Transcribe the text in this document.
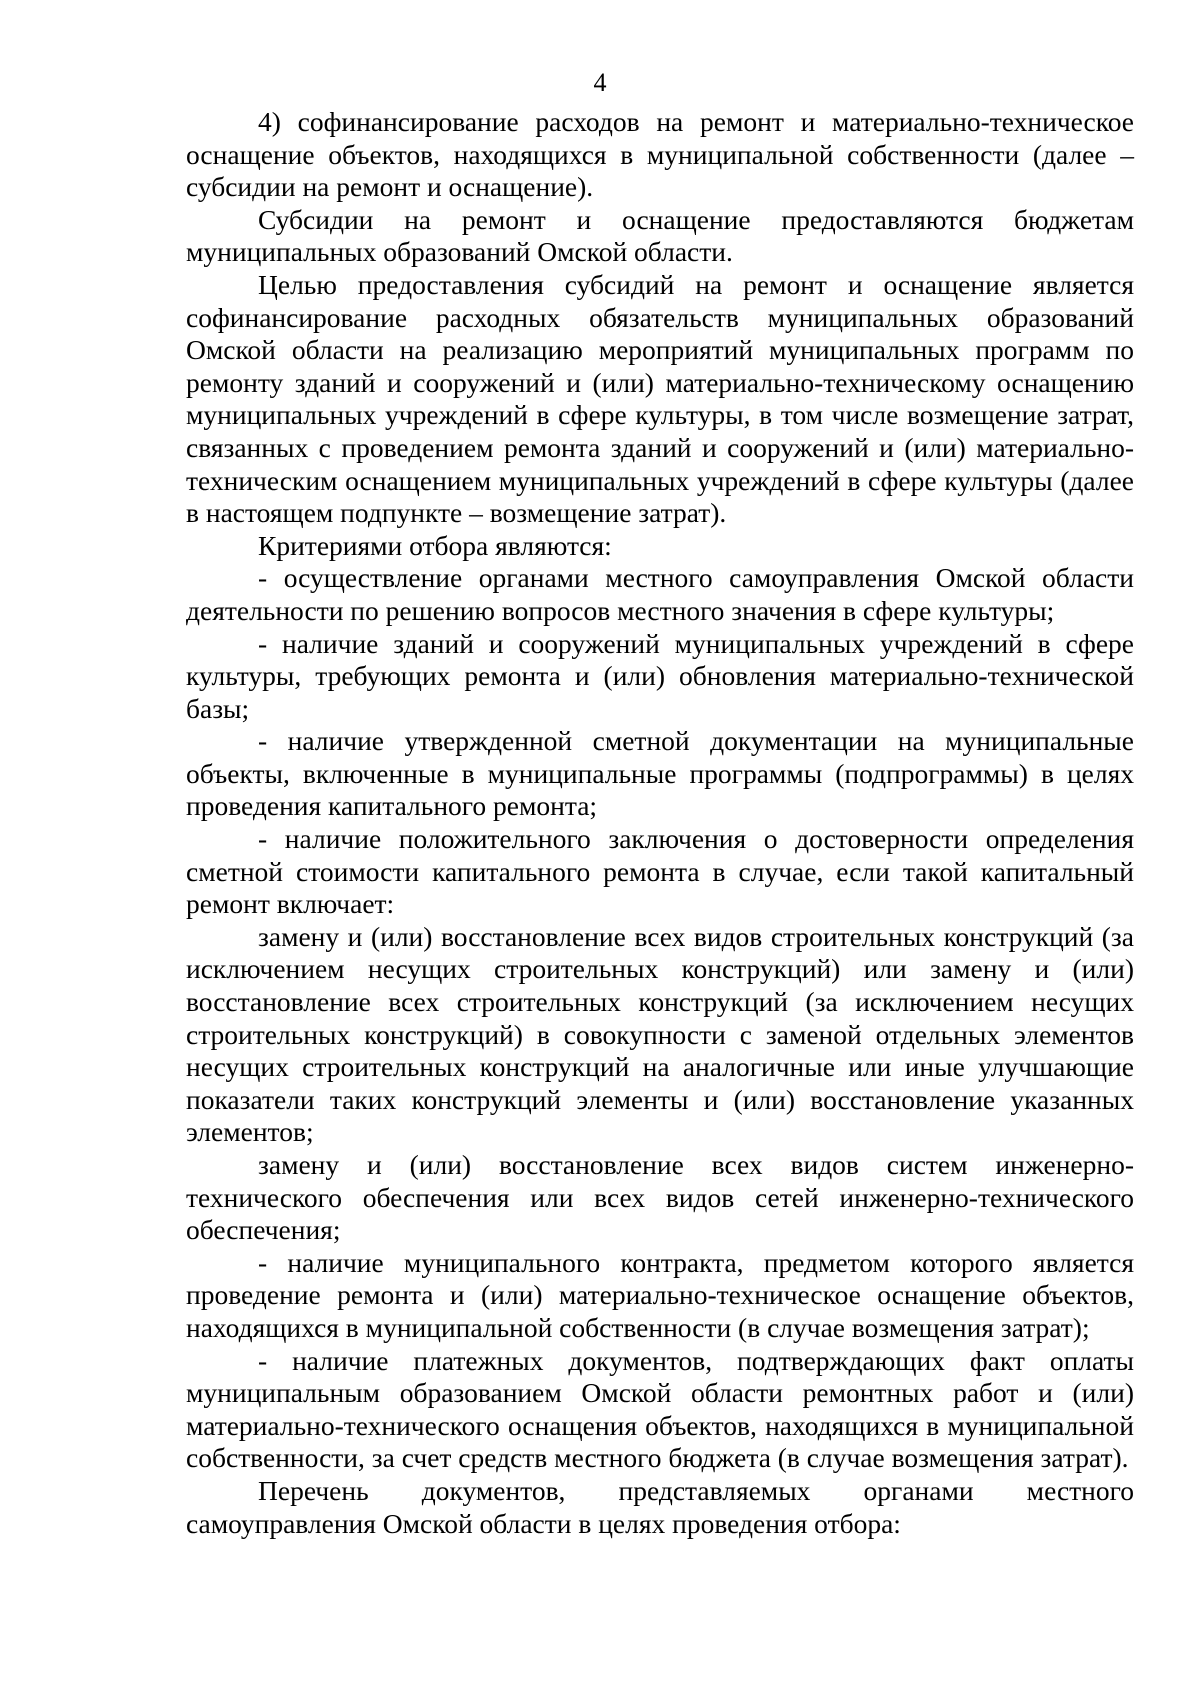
4

4) софинансирование расходов на ремонт и материально-техническое оснащение объектов, находящихся в муниципальной собственности (далее – субсидии на ремонт и оснащение).

Субсидии на ремонт и оснащение предоставляются бюджетам муниципальных образований Омской области.

Целью предоставления субсидий на ремонт и оснащение является софинансирование расходных обязательств муниципальных образований Омской области на реализацию мероприятий муниципальных программ по ремонту зданий и сооружений и (или) материально-техническому оснащению муниципальных учреждений в сфере культуры, в том числе возмещение затрат, связанных с проведением ремонта зданий и сооружений и (или) материально-техническим оснащением муниципальных учреждений в сфере культуры (далее в настоящем подпункте – возмещение затрат).

Критериями отбора являются:

- осуществление органами местного самоуправления Омской области деятельности по решению вопросов местного значения в сфере культуры;

- наличие зданий и сооружений муниципальных учреждений в сфере культуры, требующих ремонта и (или) обновления материально-технической базы;

- наличие утвержденной сметной документации на муниципальные объекты, включенные в муниципальные программы (подпрограммы) в целях проведения капитального ремонта;

- наличие положительного заключения о достоверности определения сметной стоимости капитального ремонта в случае, если такой капитальный ремонт включает:

замену и (или) восстановление всех видов строительных конструкций (за исключением несущих строительных конструкций) или замену и (или) восстановление всех строительных конструкций (за исключением несущих строительных конструкций) в совокупности с заменой отдельных элементов несущих строительных конструкций на аналогичные или иные улучшающие показатели таких конструкций элементы и (или) восстановление указанных элементов;

замену и (или) восстановление всех видов систем инженерно-технического обеспечения или всех видов сетей инженерно-технического обеспечения;

- наличие муниципального контракта, предметом которого является проведение ремонта и (или) материально-техническое оснащение объектов, находящихся в муниципальной собственности (в случае возмещения затрат);

- наличие платежных документов, подтверждающих факт оплаты муниципальным образованием Омской области ремонтных работ и (или) материально-технического оснащения объектов, находящихся в муниципальной собственности, за счет средств местного бюджета (в случае возмещения затрат).

Перечень документов, представляемых органами местного самоуправления Омской области в целях проведения отбора:
